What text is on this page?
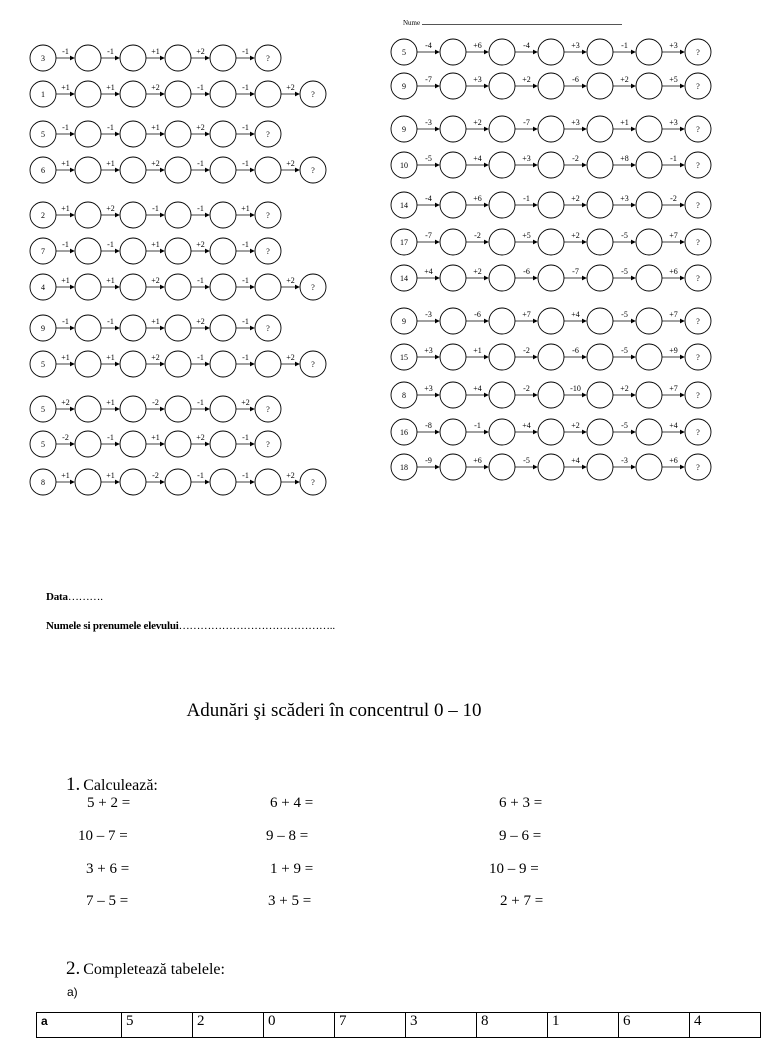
3
-1	-1	+1	+2	-1
?
1
+1	+1	+2	-1	-1	+2
?
5
-1	-1	+1	+2	-1
?
6
+1	+1	+2	-1	-1	+2
?
2
+1	+2	-1	-1	+1
?
7
-1	-1	+1	+2	-1
?
4
+1	+1	+2	-1	-1	+2
?
9
-1	-1	+1	+2	-1
?
5
+1	+1	+2	-1	-1	+2
?
5
+2	+1	-2	-1	+2
?
5
-2	-1	+1	+2	-1
?
8
+1	+1	-2	-1	-1	+2
?
5
-4	+6	-4	+3	-1	+3
?
9
-7	+3	+2	-6	+2	+5
?
9
-3	+2	-7	+3	+1	+3
?
10
-5	+4	+3	-2	+8	-1
?
14
-4	+6	-1	+2	+3	-2
?
17
-7	-2	+5	+2	-5	+7
?
14
+4	+2	-6	-7	-5	+6
?
9
-3	-6	+7	+4	-5	+7
?
15
+3	+1	-2	-6	-5	+9
?
8
+3	+4	-2	-10	+2	+7
?
16
-8	-1	+4	+2	-5	+4
?
18
-9	+6	-5	+4	-3	+6
?
Nume
Data……….
Numele si prenumele elevului……………………………………..
Adunări şi scăderi în concentrul 0 – 10
1. Calculează:
5 + 2 =	6 + 4 =	6 + 3 =
10 – 7 =	9 – 8 =	9 – 6 =
3 + 6 =	1 + 9 =	10 – 9 =
7 – 5 =	3 + 5 =	2 + 7 =
2. Completează tabelele:
a)
a	5	2	0	7	3	8	1	6	4
